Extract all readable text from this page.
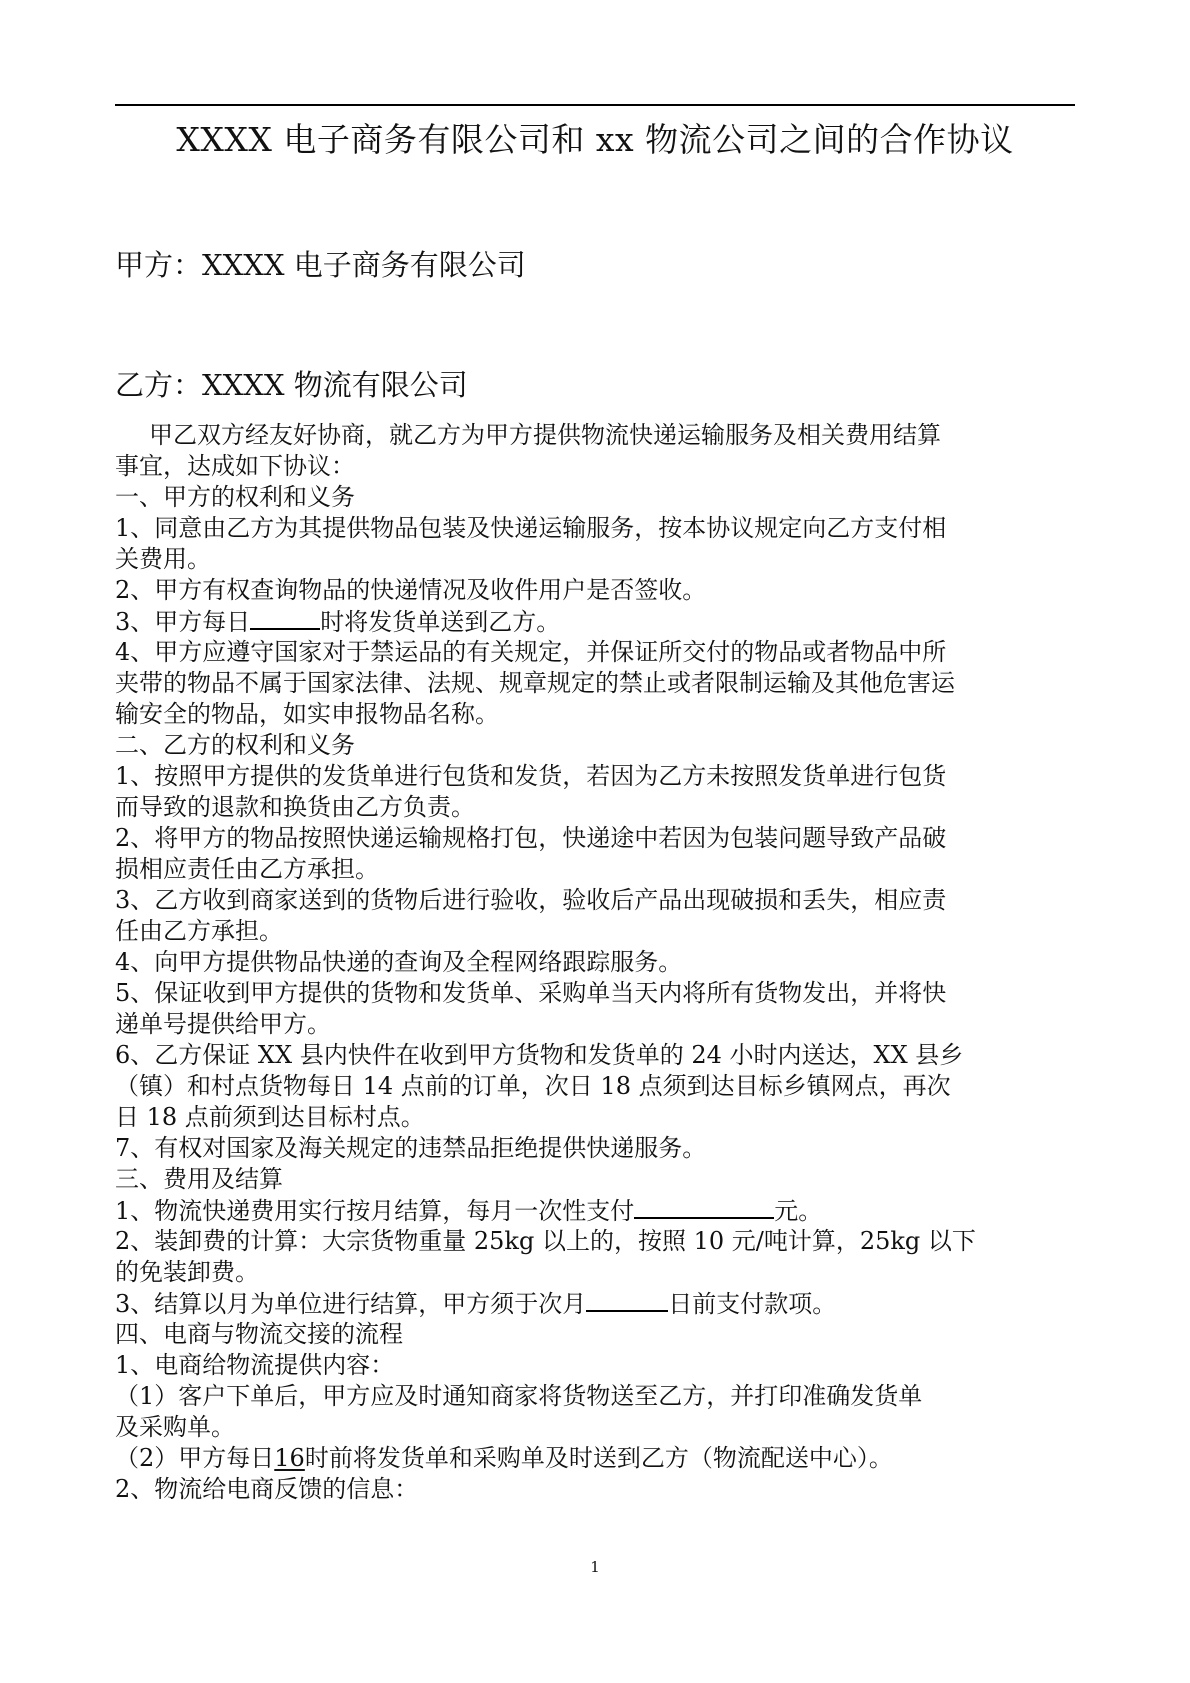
XXXX 电子商务有限公司和 xx 物流公司之间的合作协议
甲方：XXXX 电子商务有限公司
乙方：XXXX 物流有限公司
甲乙双方经友好协商，就乙方为甲方提供物流快递运输服务及相关费用结算
事宜，达成如下协议：
一、甲方的权利和义务
1、同意由乙方为其提供物品包装及快递运输服务，按本协议规定向乙方支付相
关费用。
2、甲方有权查询物品的快递情况及收件用户是否签收。
3、甲方每日	时将发货单送到乙方。
4、甲方应遵守国家对于禁运品的有关规定，并保证所交付的物品或者物品中所
夹带的物品不属于国家法律、法规、规章规定的禁止或者限制运输及其他危害运
输安全的物品，如实申报物品名称。
二、乙方的权利和义务
1、按照甲方提供的发货单进行包货和发货，若因为乙方未按照发货单进行包货
而导致的退款和换货由乙方负责。
2、将甲方的物品按照快递运输规格打包，快递途中若因为包装问题导致产品破
损相应责任由乙方承担。
3、乙方收到商家送到的货物后进行验收，验收后产品出现破损和丢失，相应责
任由乙方承担。
4、向甲方提供物品快递的查询及全程网络跟踪服务。
5、保证收到甲方提供的货物和发货单、采购单当天内将所有货物发出，并将快
递单号提供给甲方。
6、乙方保证 XX 县内快件在收到甲方货物和发货单的 24 小时内送达，XX 县乡
（镇）和村点货物每日 14 点前的订单，次日 18 点须到达目标乡镇网点，再次
日 18 点前须到达目标村点。
7、有权对国家及海关规定的违禁品拒绝提供快递服务。
三、费用及结算
1、物流快递费用实行按月结算，每月一次性支付	元。
2、装卸费的计算：大宗货物重量 25kg 以上的，按照 10 元/吨计算，25kg 以下
的免装卸费。
3、结算以月为单位进行结算，甲方须于次月	日前支付款项。
四、电商与物流交接的流程
1、电商给物流提供内容：
（1）客户下单后，甲方应及时通知商家将货物送至乙方，并打印准确发货单
及采购单。
（2）甲方每日16时前将发货单和采购单及时送到乙方（物流配送中心）。
2、物流给电商反馈的信息：
1
